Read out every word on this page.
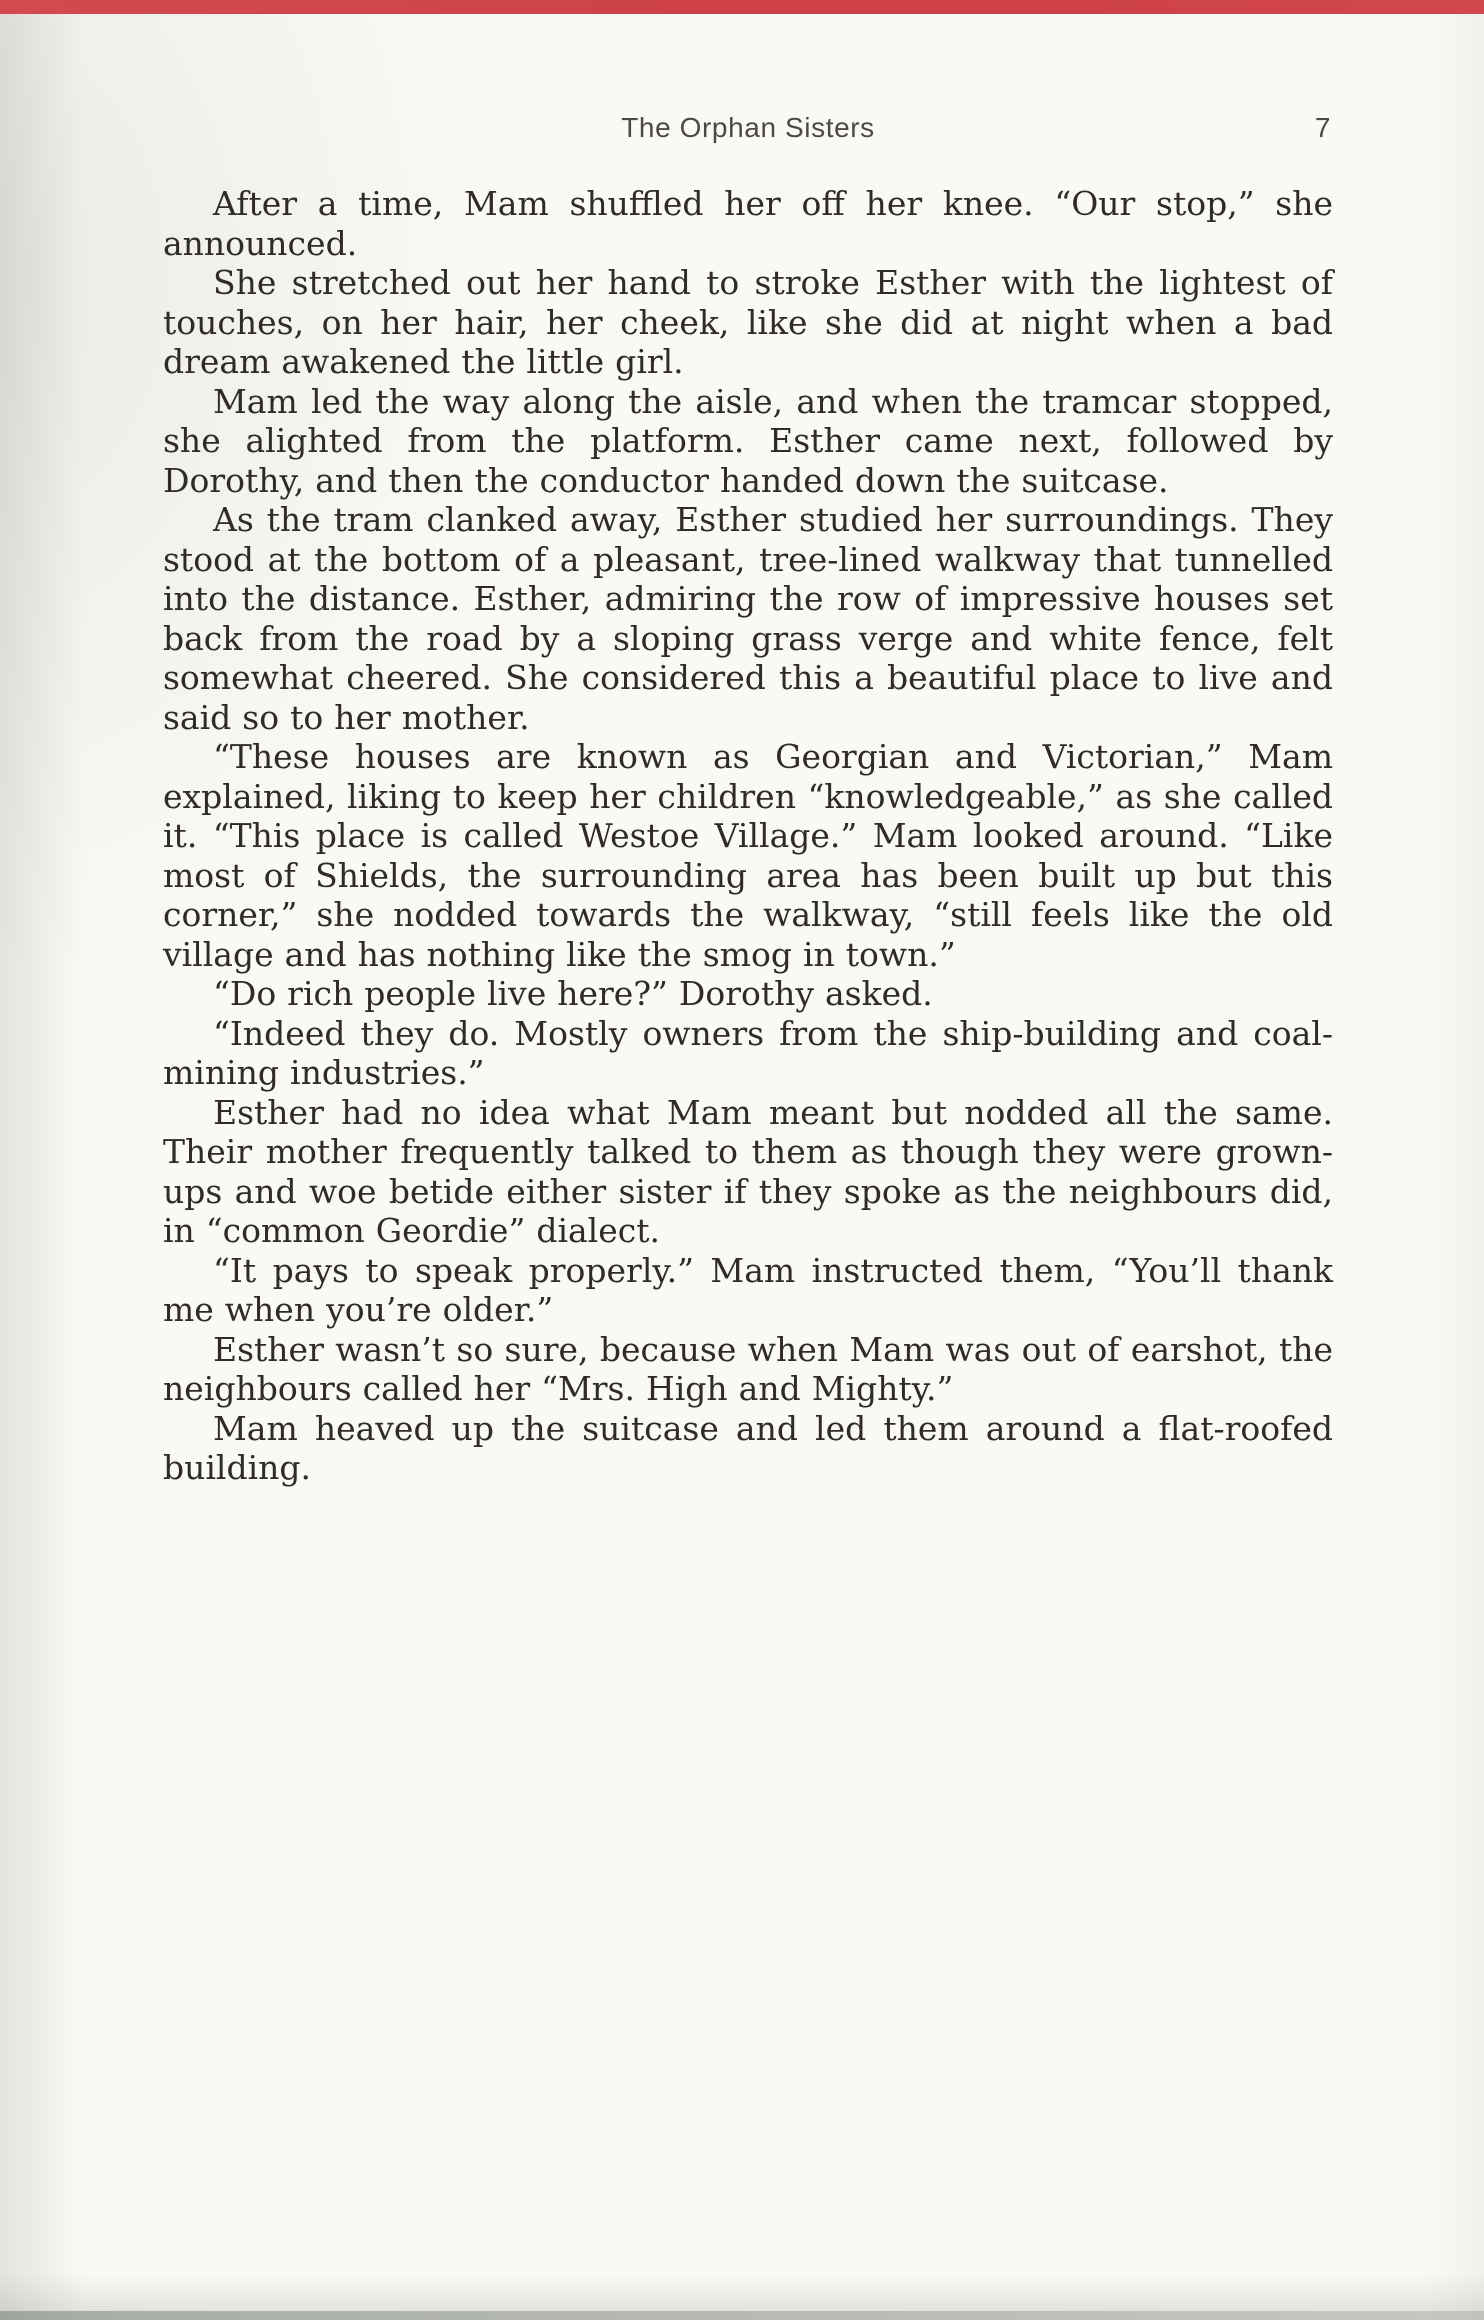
The Orphan Sisters	7

After a time, Mam shuffled her off her knee. “Our stop,” she announced.

She stretched out her hand to stroke Esther with the lightest of touches, on her hair, her cheek, like she did at night when a bad dream awakened the little girl.

Mam led the way along the aisle, and when the tramcar stopped, she alighted from the platform. Esther came next, followed by Dorothy, and then the conductor handed down the suitcase.

As the tram clanked away, Esther studied her surroundings. They stood at the bottom of a pleasant, tree-lined walkway that tunnelled into the distance. Esther, admiring the row of impressive houses set back from the road by a sloping grass verge and white fence, felt somewhat cheered. She considered this a beautiful place to live and said so to her mother.

“These houses are known as Georgian and Victorian,” Mam explained, liking to keep her children “knowledgeable,” as she called it. “This place is called Westoe Village.” Mam looked around. “Like most of Shields, the surrounding area has been built up but this corner,” she nodded towards the walkway, “still feels like the old village and has nothing like the smog in town.”

“Do rich people live here?” Dorothy asked.

“Indeed they do. Mostly owners from the ship-building and coal-mining industries.”

Esther had no idea what Mam meant but nodded all the same. Their mother frequently talked to them as though they were grown-ups and woe betide either sister if they spoke as the neighbours did, in “common Geordie” dialect.

“It pays to speak properly.” Mam instructed them, “You’ll thank me when you’re older.”

Esther wasn’t so sure, because when Mam was out of earshot, the neighbours called her “Mrs. High and Mighty.”

Mam heaved up the suitcase and led them around a flat-roofed building.
